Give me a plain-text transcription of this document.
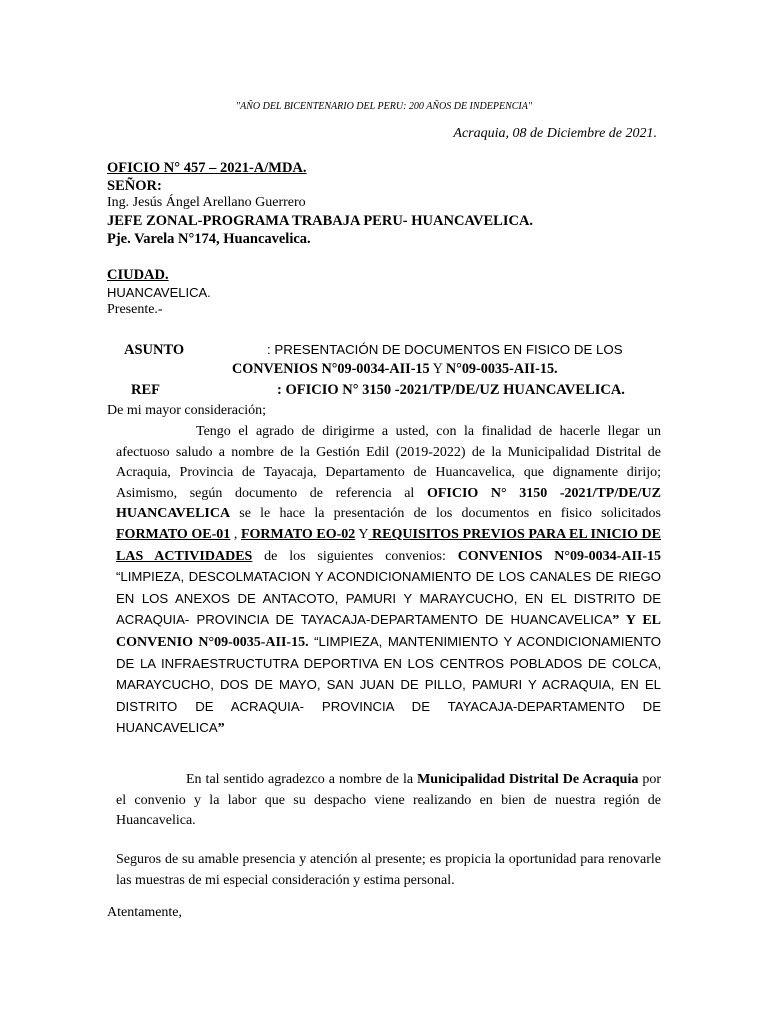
"AÑO DEL BICENTENARIO DEL PERU: 200 AÑOS DE INDEPENCIA"
Acraquia, 08 de Diciembre de 2021.
OFICIO N° 457 – 2021-A/MDA.
SEÑOR:
Ing. Jesús Ángel Arellano Guerrero
JEFE ZONAL-PROGRAMA TRABAJA PERU- HUANCAVELICA.
Pje. Varela N°174, Huancavelica.
CIUDAD.
HUANCAVELICA.
Presente.-
ASUNTO	: PRESENTACIÓN DE DOCUMENTOS EN FISICO DE LOS
CONVENIOS N°09-0034-AII-15 Y N°09-0035-AII-15.
REF	: OFICIO N° 3150 -2021/TP/DE/UZ HUANCAVELICA.
De mi mayor consideración;

Tengo el agrado de dirigirme a usted, con la finalidad de hacerle llegar un afectuoso saludo a nombre de la Gestión Edil (2019-2022) de la Municipalidad Distrital de Acraquia, Provincia de Tayacaja, Departamento de Huancavelica, que dignamente dirijo; Asimismo, según documento de referencia al OFICIO N° 3150 -2021/TP/DE/UZ HUANCAVELICA se le hace la presentación de los documentos en fisico solicitados FORMATO OE-01 , FORMATO EO-02 Y REQUISITOS PREVIOS PARA EL INICIO DE LAS ACTIVIDADES de los siguientes convenios: CONVENIOS N°09-0034-AII-15 “LIMPIEZA, DESCOLMATACION Y ACONDICIONAMIENTO DE LOS CANALES DE RIEGO EN LOS ANEXOS DE ANTACOTO, PAMURI Y MARAYCUCHO, EN EL DISTRITO DE ACRAQUIA- PROVINCIA DE TAYACAJA-DEPARTAMENTO DE HUANCAVELICA” Y EL CONVENIO N°09-0035-AII-15. “LIMPIEZA, MANTENIMIENTO Y ACONDICIONAMIENTO DE LA INFRAESTRUCTUTRA DEPORTIVA EN LOS CENTROS POBLADOS DE COLCA, MARAYCUCHO, DOS DE MAYO, SAN JUAN DE PILLO, PAMURI Y ACRAQUIA, EN EL DISTRITO DE ACRAQUIA- PROVINCIA DE TAYACAJA-DEPARTAMENTO DE HUANCAVELICA”

En tal sentido agradezco a nombre de la Municipalidad Distrital De Acraquia por el convenio y la labor que su despacho viene realizando en bien de nuestra región de Huancavelica.

Seguros de su amable presencia y atención al presente; es propicia la oportunidad para renovarle las muestras de mi especial consideración y estima personal.

Atentamente,
